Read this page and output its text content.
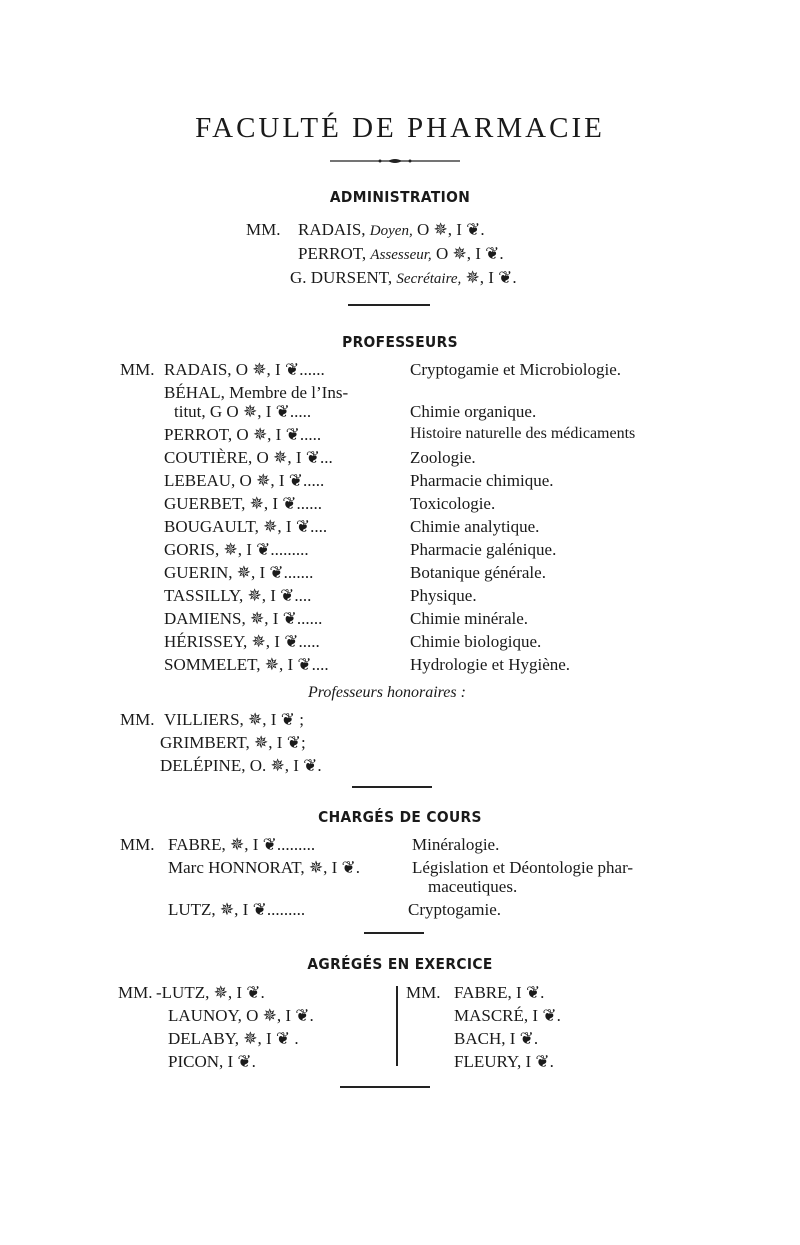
FACULTÉ DE PHARMACIE
ADMINISTRATION
MM. RADAIS, Doyen, O ✵, I ❦.
PERROT, Assesseur, O ✵, I ❦.
G. DURSENT, Secrétaire, ✵, I ❦.
PROFESSEURS
MM. RADAIS, O ✵, I ❦......	Cryptogamie et Microbiologie.
BÉHAL, Membre de l’Ins-
titut, G O ✵, I ❦.....	Chimie organique.
PERROT, O ✵, I ❦.....	Histoire naturelle des médicaments
COUTIÈRE, O ✵, I ❦...	Zoologie.
LEBEAU, O ✵, I ❦.....	Pharmacie chimique.
GUERBET, ✵, I ❦......	Toxicologie.
BOUGAULT, ✵, I ❦....	Chimie analytique.
GORIS, ✵, I ❦.........	Pharmacie galénique.
GUERIN, ✵, I ❦.......	Botanique générale.
TASSILLY, ✵, I ❦....	Physique.
DAMIENS, ✵, I ❦......	Chimie minérale.
HÉRISSEY, ✵, I ❦.....	Chimie biologique.
SOMMELET, ✵, I ❦....	Hydrologie et Hygiène.
Professeurs honoraires :
MM. VILLIERS, ✵, I ❦ ;
GRIMBERT, ✵, I ❦;
DELÉPINE, O. ✵, I ❦.
CHARGÉS DE COURS
MM. FABRE, ✵, I ❦.........	Minéralogie.
Marc HONNORAT, ✵, I ❦.	Législation et Déontologie phar-
maceutiques.
LUTZ, ✵, I ❦.........	Cryptogamie.
AGRÉGÉS EN EXERCICE
MM. -LUTZ, ✵, I ❦.
LAUNOY, O ✵, I ❦.
DELABY, ✵, I ❦ .
PICON, I ❦.
MM. FABRE, I ❦.
MASCRÉ, I ❦.
BACH, I ❦.
FLEURY, I ❦.
